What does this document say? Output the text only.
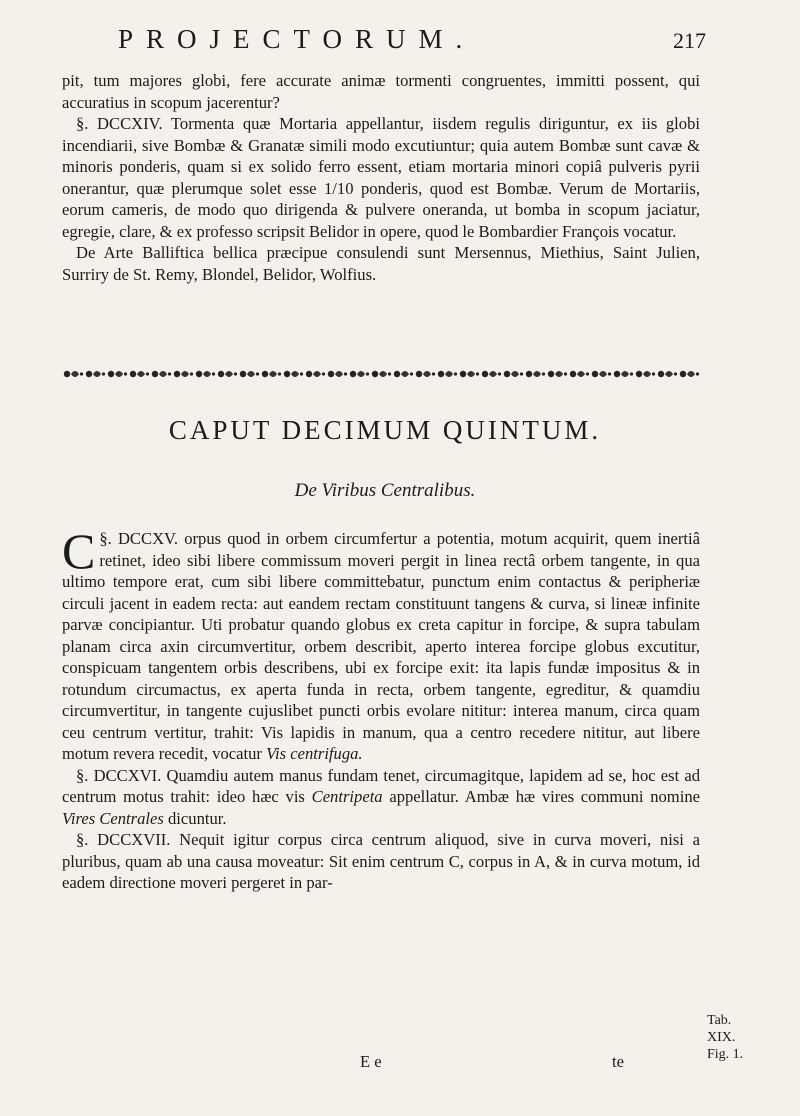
PROJECTORUM.	217

pit, tum majores globi, fere accurate animæ tormenti congruentes, immitti possent, qui accuratius in scopum jacerentur?

§. DCCXIV. Tormenta quæ Mortaria appellantur, iisdem regulis diriguntur, ex iis globi incendiarii, sive Bombæ & Granatæ simili modo excutiuntur; quia autem Bombæ sunt cavæ & minoris ponderis, quam si ex solido ferro essent, etiam mortaria minori copiâ pulveris pyrii onerantur, quæ plerumque solet esse 1/10 ponderis, quod est Bombæ. Verum de Mortariis, eorum cameris, de modo quo dirigenda & pulvere oneranda, ut bomba in scopum jaciatur, egregie, clare, & ex professo scripsit Belidor in opere, quod le Bombardier François vocatur.

De Arte Balliftica bellica præcipue consulendi sunt Mersennus, Miethius, Saint Julien, Surriry de St. Remy, Blondel, Belidor, Wolfius.

CAPUT DECIMUM QUINTUM.
De Viribus Centralibus.

§. DCCXV.
C	orpus quod in orbem circumfertur a potentia, motum acquirit, quem inertiâ retinet, ideo sibi libere commissum moveri pergit in linea rectâ orbem tangente, in qua ultimo tempore erat, cum sibi libere committebatur, punctum enim contactus & peripheriæ circuli jacent in eadem recta: aut eandem rectam constituunt tangens & curva, si lineæ infinite parvæ concipiantur. Uti probatur quando globus ex creta capitur in forcipe, & supra tabulam planam circa axin circumvertitur, orbem describit, aperto interea forcipe globus excutitur, conspicuam tangentem orbis describens, ubi ex forcipe exit: ita lapis fundæ impositus & in rotundum circumactus, ex aperta funda in recta, orbem tangente, egreditur, & quamdiu circumvertitur, in tangente cujuslibet puncti orbis evolare nititur: interea manum, circa quam ceu centrum vertitur, trahit: Vis lapidis in manum, qua a centro recedere nititur, aut libere motum revera recedit, vocatur Vis centrifuga.

§. DCCXVI. Quamdiu autem manus fundam tenet, circumagitque, lapidem ad se, hoc est ad centrum motus trahit: ideo hæc vis Centripeta appellatur. Ambæ hæ vires communi nomine Vires Centrales dicuntur.

§. DCCXVII. Nequit igitur corpus circa centrum aliquod, sive in curva moveri, nisi a pluribus, quam ab una causa moveatur: Sit enim centrum C, corpus in A, & in curva motum, id eadem directione moveri pergeret in par-

Tab.
XIX.
Fig. 1.
E e	te
